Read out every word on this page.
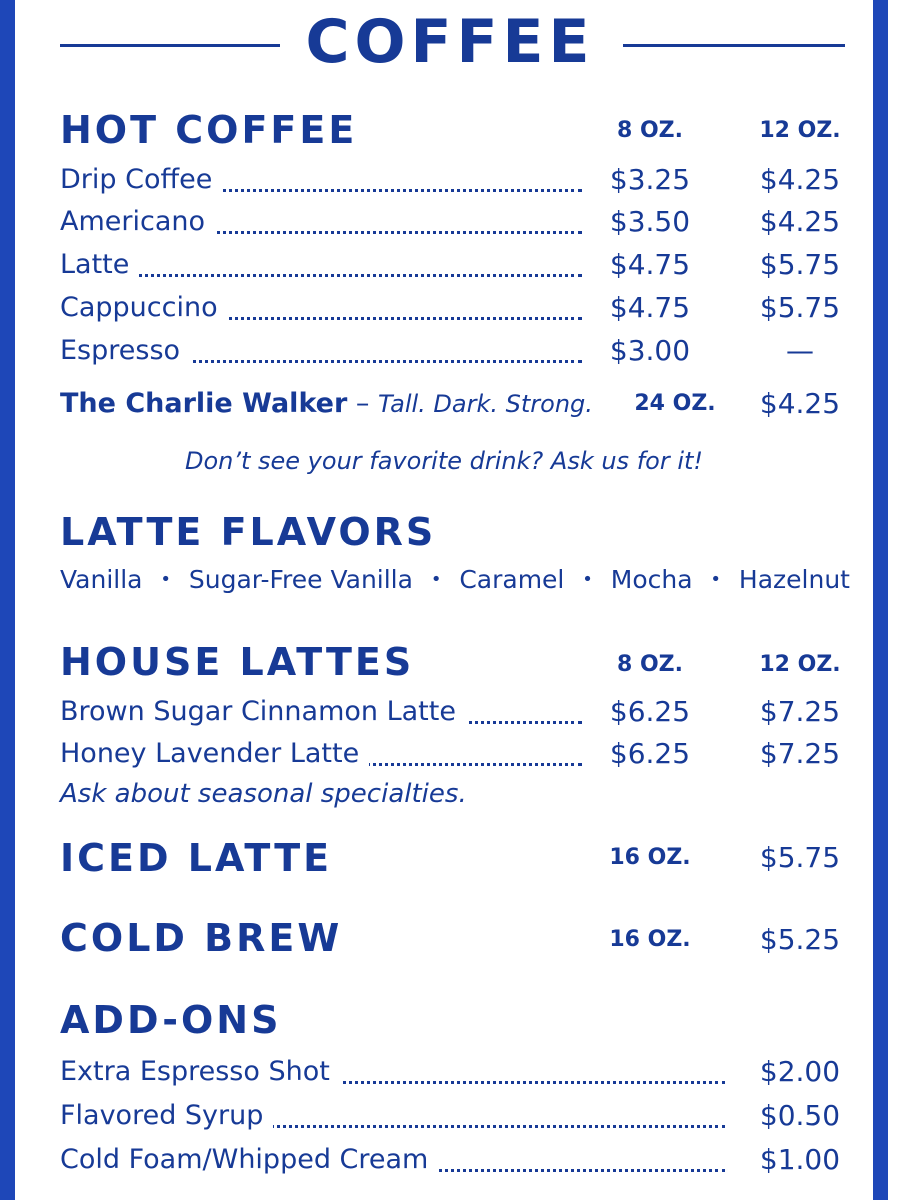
COFFEE
HOT COFFEE	8 OZ.	12 OZ.
Drip Coffee	$3.25	$4.25
Americano	$3.50	$4.25
Latte	$4.75	$5.75
Cappuccino	$4.75	$5.75
Espresso	$3.00	—
The Charlie Walker – Tall. Dark. Strong.	24 OZ.	$4.25
Don’t see your favorite drink? Ask us for it!
LATTE FLAVORS
Vanilla • Sugar-Free Vanilla • Caramel • Mocha • Hazelnut
HOUSE LATTES	8 OZ.	12 OZ.
Brown Sugar Cinnamon Latte	$6.25	$7.25
Honey Lavender Latte	$6.25	$7.25
Ask about seasonal specialties.
ICED LATTE	16 OZ.	$5.75
COLD BREW	16 OZ.	$5.25
ADD-ONS
Extra Espresso Shot	$2.00
Flavored Syrup	$0.50
Cold Foam/Whipped Cream	$1.00
